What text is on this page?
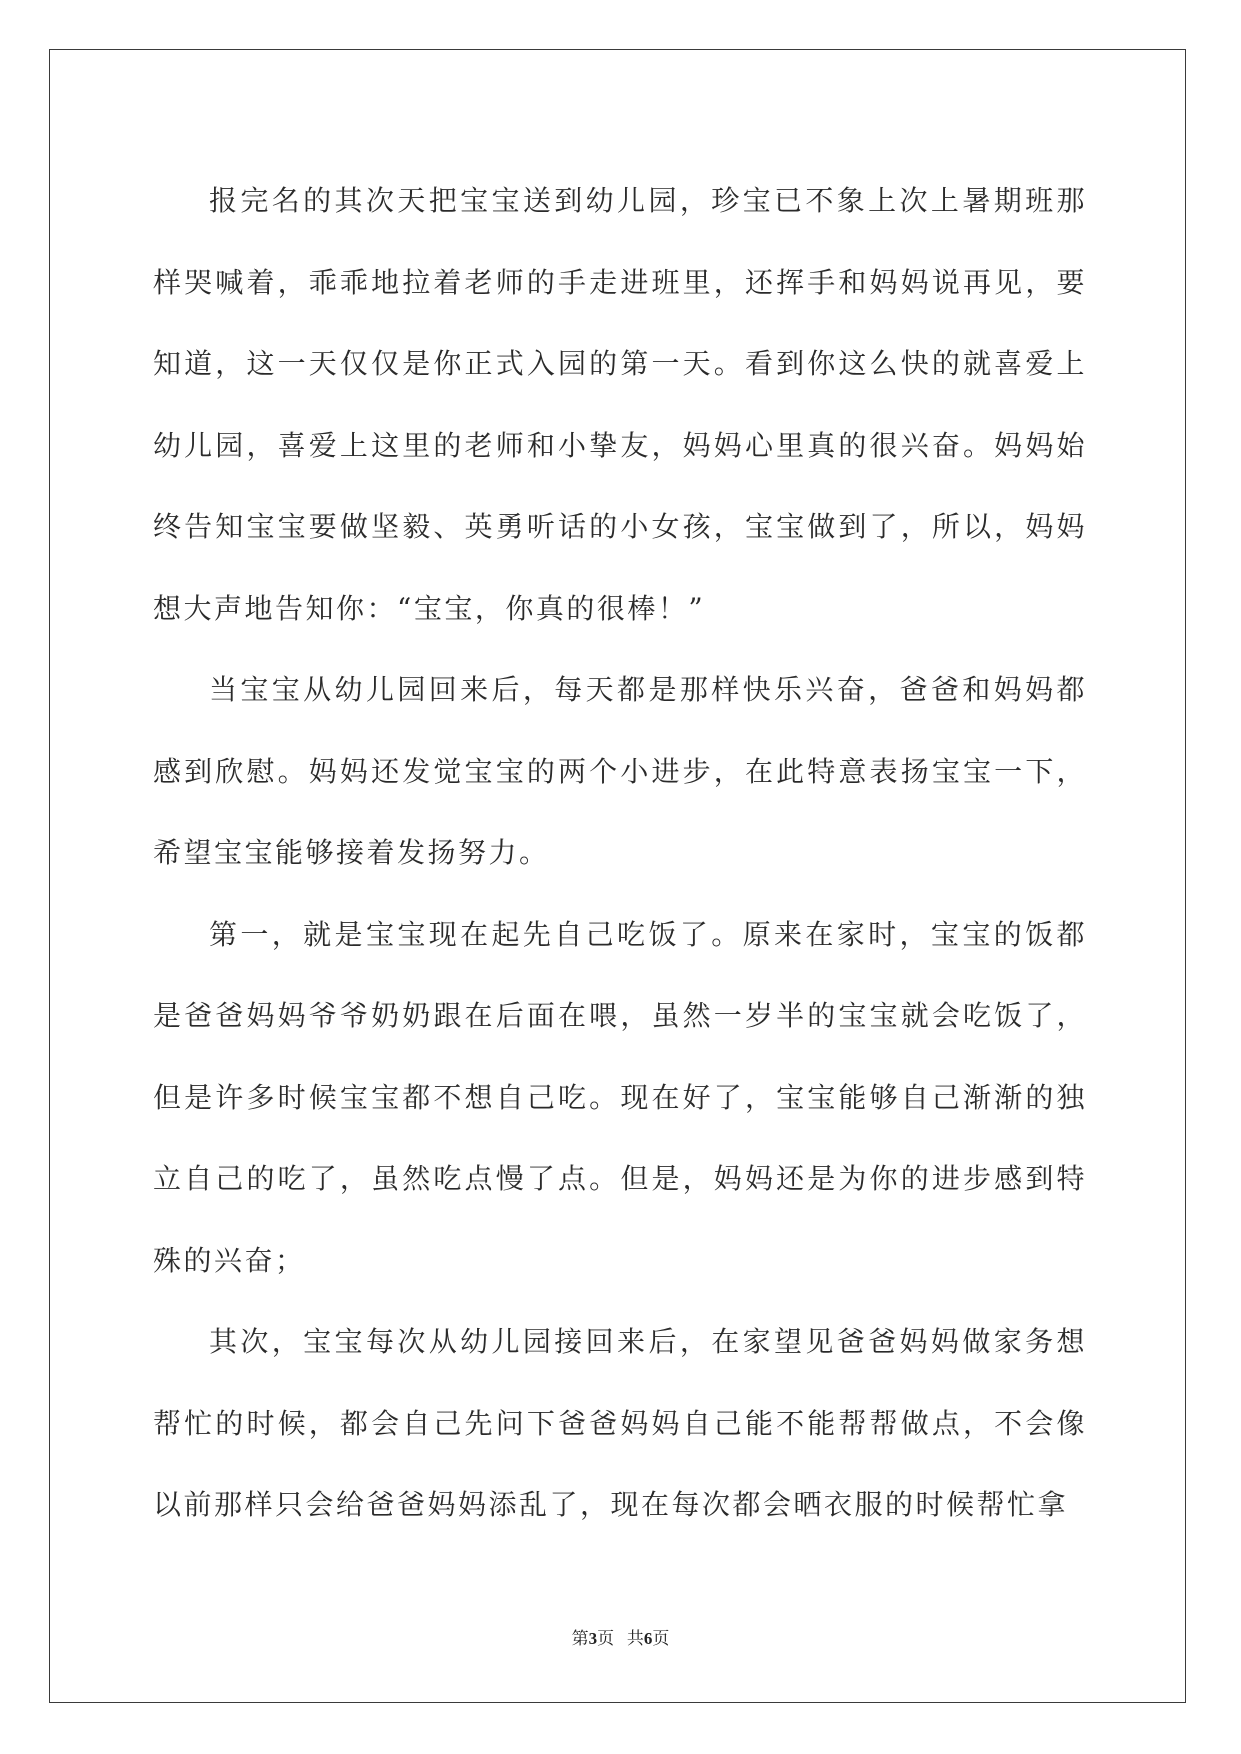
报完名的其次天把宝宝送到幼儿园，珍宝已不象上次上暑期班那样哭喊着，乖乖地拉着老师的手走进班里，还挥手和妈妈说再见，要知道，这一天仅仅是你正式入园的第一天。看到你这么快的就喜爱上幼儿园，喜爱上这里的老师和小挚友，妈妈心里真的很兴奋。妈妈始终告知宝宝要做坚毅、英勇听话的小女孩，宝宝做到了，所以，妈妈想大声地告知你：“宝宝，你真的很棒！”

当宝宝从幼儿园回来后，每天都是那样快乐兴奋，爸爸和妈妈都感到欣慰。妈妈还发觉宝宝的两个小进步，在此特意表扬宝宝一下，希望宝宝能够接着发扬努力。

第一，就是宝宝现在起先自己吃饭了。原来在家时，宝宝的饭都是爸爸妈妈爷爷奶奶跟在后面在喂，虽然一岁半的宝宝就会吃饭了，但是许多时候宝宝都不想自己吃。现在好了，宝宝能够自己渐渐的独立自己的吃了，虽然吃点慢了点。但是，妈妈还是为你的进步感到特殊的兴奋；

其次，宝宝每次从幼儿园接回来后，在家望见爸爸妈妈做家务想帮忙的时候，都会自己先问下爸爸妈妈自己能不能帮帮做点，不会像以前那样只会给爸爸妈妈添乱了，现在每次都会晒衣服的时候帮忙拿

第3页   共6页
